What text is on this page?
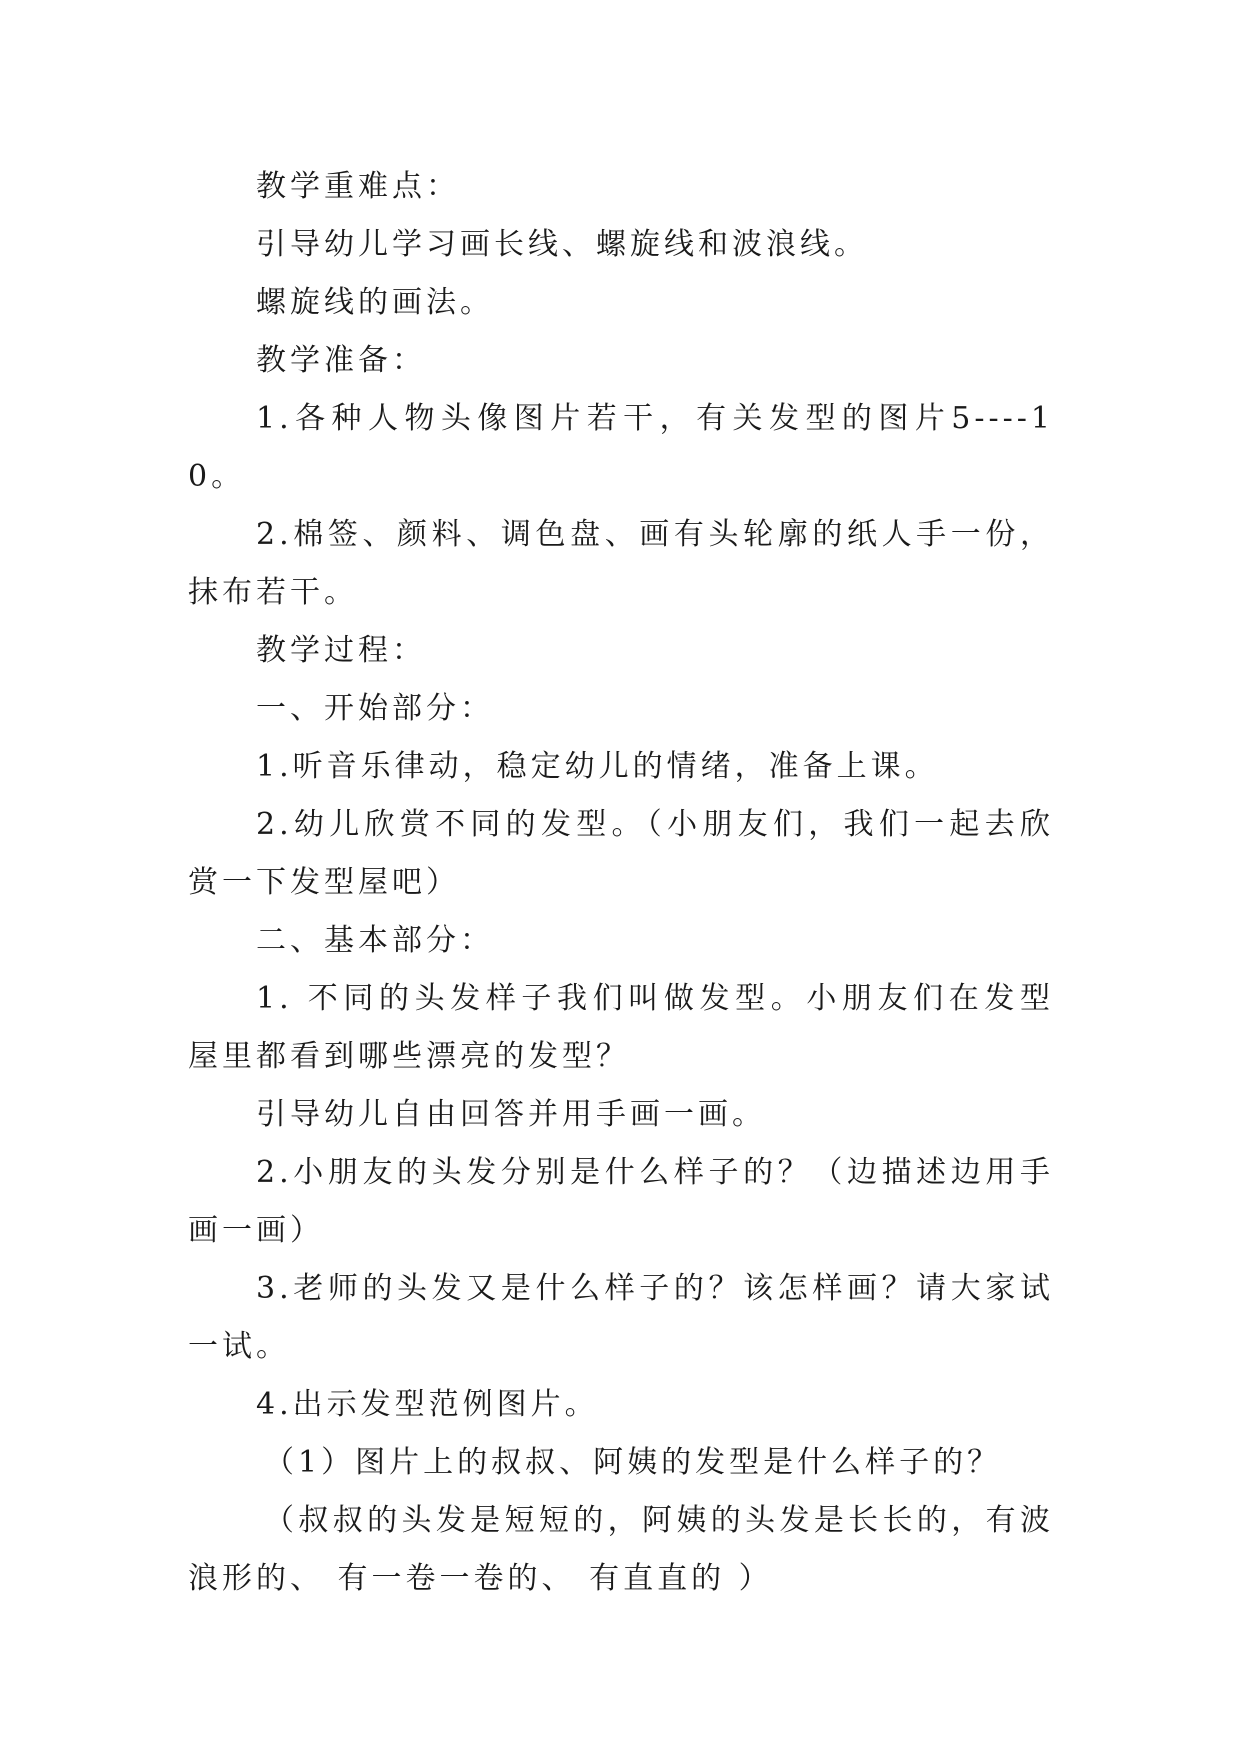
教学重难点：

引导幼儿学习画长线、螺旋线和波浪线。

螺旋线的画法。

教学准备：

1.各种人物头像图片若干，有关发型的图片5----10。

2.棉签、颜料、调色盘、画有头轮廓的纸人手一份，抹布若干。

教学过程：

一、开始部分：

1.听音乐律动，稳定幼儿的情绪，准备上课。

2.幼儿欣赏不同的发型。（小朋友们，我们一起去欣赏一下发型屋吧）

二、基本部分：

1. 不同的头发样子我们叫做发型。小朋友们在发型屋里都看到哪些漂亮的发型？

引导幼儿自由回答并用手画一画。

2.小朋友的头发分别是什么样子的？（边描述边用手画一画）

3.老师的头发又是什么样子的？该怎样画？请大家试一试。

4.出示发型范例图片。

（1）图片上的叔叔、阿姨的发型是什么样子的？

（叔叔的头发是短短的，阿姨的头发是长长的，有波浪形的、 有一卷一卷的、 有直直的 ）
